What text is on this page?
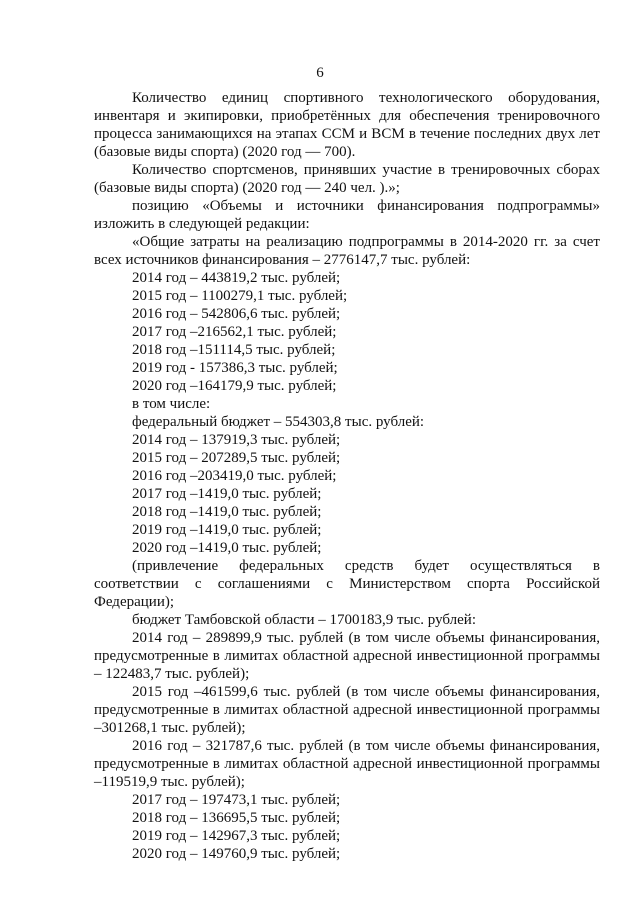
6

Количество единиц спортивного технологического оборудования, инвентаря и экипировки, приобретённых для обеспечения тренировочного процесса занимающихся на этапах ССМ и ВСМ в течение последних двух лет (базовые виды спорта) (2020 год — 700).

Количество спортсменов, принявших участие в тренировочных сборах (базовые виды спорта) (2020 год — 240 чел. ).»;

позицию «Объемы и источники финансирования подпрограммы» изложить в следующей редакции:

«Общие затраты на реализацию подпрограммы в 2014-2020 гг. за счет всех источников финансирования – 2776147,7 тыс. рублей:

2014 год – 443819,2 тыс. рублей;

2015 год – 1100279,1 тыс. рублей;

2016 год – 542806,6 тыс. рублей;

2017 год –216562,1 тыс. рублей;

2018 год –151114,5 тыс. рублей;

2019 год - 157386,3 тыс. рублей;

2020 год –164179,9 тыс. рублей;

в том числе:

федеральный бюджет – 554303,8 тыс. рублей:

2014 год – 137919,3 тыс. рублей;

2015 год – 207289,5 тыс. рублей;

2016 год –203419,0 тыс. рублей;

2017 год –1419,0 тыс. рублей;

2018 год –1419,0 тыс. рублей;

2019 год –1419,0 тыс. рублей;

2020 год –1419,0 тыс. рублей;

(привлечение федеральных средств будет осуществляться в соответствии с соглашениями с Министерством спорта Российской Федерации);

бюджет Тамбовской области – 1700183,9 тыс. рублей:

2014 год – 289899,9 тыс. рублей (в том числе объемы финансирования, предусмотренные в лимитах областной адресной инвестиционной программы – 122483,7 тыс. рублей);

2015 год –461599,6 тыс. рублей (в том числе объемы финансирования, предусмотренные в лимитах областной адресной инвестиционной программы –301268,1 тыс. рублей);

2016 год – 321787,6 тыс. рублей (в том числе объемы финансирования, предусмотренные в лимитах областной адресной инвестиционной программы –119519,9 тыс. рублей);

2017 год – 197473,1 тыс. рублей;

2018 год – 136695,5 тыс. рублей;

2019 год – 142967,3 тыс. рублей;

2020 год – 149760,9 тыс. рублей;
